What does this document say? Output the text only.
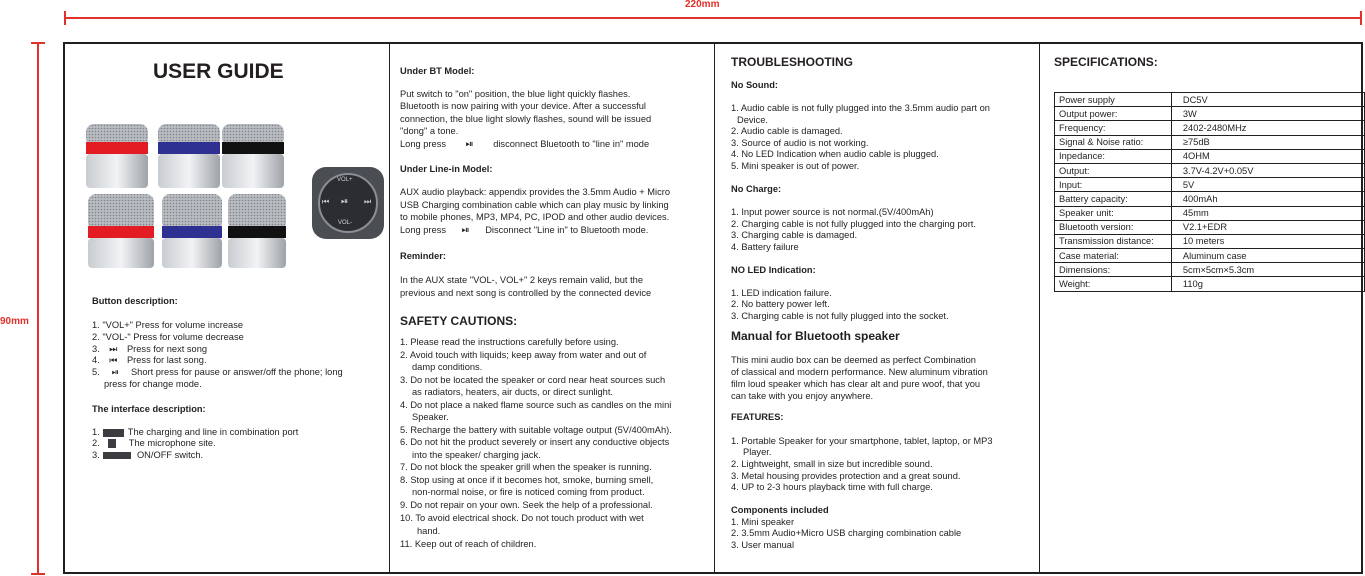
220mm
90mm
USER GUIDE
VOL+
VOL-
⏮ ⏯ ⏭

Button description:

1. "VOL+" Press for volume increase

2. "VOL-" Press for volume decrease

3. ⏭ Press for next song

4. ⏮ Press for last song.

5. ⏯ Short press for pause or answer/off the phone; long

press for change mode.

The interface description:

1.	The charging and line in combination port

2.	The microphone site.

3.	ON/OFF switch.

Under BT Model:

Put switch to "on" position, the blue light quickly flashes.

Bluetooth is now pairing with your device. After a successful

connection, the blue light slowly flashes, sound will be issued

"dong" a tone.

Long press ⏯ disconnect Bluetooth to "line in" mode

Under Line-in Model:

AUX audio playback: appendix provides the 3.5mm Audio + Micro

USB Charging combination cable which can play music by linking

to mobile phones, MP3, MP4, PC, IPOD and other audio devices.

Long press ⏯ Disconnect "Line in" to Bluetooth mode.

Reminder:

In the AUX state "VOL-, VOL+" 2 keys remain valid, but the

previous and next song is controlled by the connected device

SAFETY CAUTIONS:

1. Please read the instructions carefully before using.

2. Avoid touch with liquids; keep away from water and out of

damp conditions.

3. Do not be located the speaker or cord near heat sources such

as radiators, heaters, air ducts, or direct sunlight.

4. Do not place a naked flame source such as candles on the mini

Speaker.

5. Recharge the battery with suitable voltage output (5V/400mAh).

6. Do not hit the product severely or insert any conductive objects

into the speaker/ charging jack.

7. Do not block the speaker grill when the speaker is running.

8. Stop using at once if it becomes hot, smoke, burning smell,

non-normal noise, or fire is noticed coming from product.

9. Do not repair on your own. Seek the help of a professional.

10. To avoid electrical shock. Do not touch product with wet

hand.

11. Keep out of reach of children.

TROUBLESHOOTING

No Sound:

1. Audio cable is not fully plugged into the 3.5mm audio part on

Device.

2. Audio cable is damaged.

3. Source of audio is not working.

4. No LED Indication when audio cable is plugged.

5. Mini speaker is out of power.

No Charge:

1. Input power source is not normal.(5V/400mAh)

2. Charging cable is not fully plugged into the charging port.

3. Charging cable is damaged.

4. Battery failure

NO LED Indication:

1. LED indication failure.

2. No battery power left.

3. Charging cable is not fully plugged into the socket.

Manual for Bluetooth speaker

This mini audio box can be deemed as perfect Combination

of classical and modern performance. New aluminum vibration

film loud speaker which has clear alt and pure woof, that you

can take with you enjoy anywhere.

FEATURES:

1. Portable Speaker for your smartphone, tablet, laptop, or MP3

Player.

2. Lightweight, small in size but incredible sound.

3. Metal housing provides protection and a great sound.

4. UP to 2-3 hours playback time with full charge.

Components included

1. Mini speaker

2. 3.5mm Audio+Micro USB charging combination cable

3. User manual

SPECIFICATIONS:

Power supply	DC5V
Output power:	3W
Frequency:	2402-2480MHz
Signal & Noise ratio:	≥75dB
Inpedance:	4OHM
Output:	3.7V-4.2V+0.05V
Input:	5V
Battery capacity:	400mAh
Speaker unit:	45mm
Bluetooth version:	V2.1+EDR
Transmission distance:	10 meters
Case material:	Aluminum case
Dimensions:	5cm×5cm×5.3cm
Weight:	110g
